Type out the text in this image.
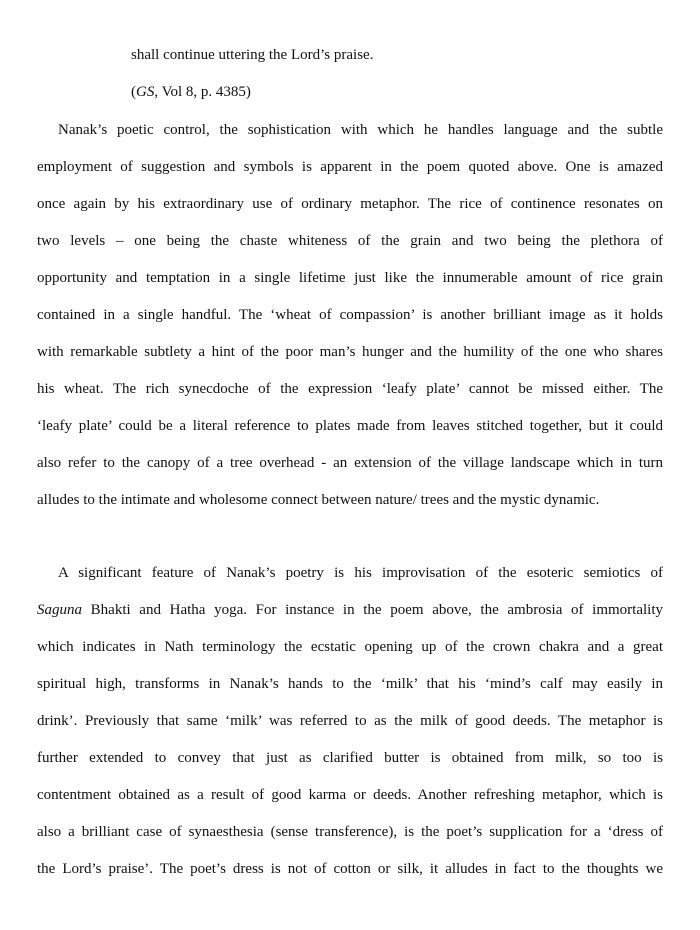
shall continue uttering the Lord’s praise.
(GS, Vol 8, p. 4385)
Nanak’s poetic control, the sophistication with which he handles language and the subtle
employment of suggestion and symbols is apparent in the poem quoted above. One is amazed
once again by his extraordinary use of ordinary metaphor. The rice of continence resonates on
two levels – one being the chaste whiteness of the grain and two being the plethora of
opportunity and temptation in a single lifetime just like the innumerable amount of rice grain
contained in a single handful. The ‘wheat of compassion’ is another brilliant image as it holds
with remarkable subtlety a hint of the poor man’s hunger and the humility of the one who shares
his wheat. The rich synecdoche of the expression ‘leafy plate’ cannot be missed either. The
‘leafy plate’ could be a literal reference to plates made from leaves stitched together, but it could
also refer to the canopy of a tree overhead - an extension of the village landscape which in turn
alludes to the intimate and wholesome connect between nature/ trees and the mystic dynamic.
A significant feature of Nanak’s poetry is his improvisation of the esoteric semiotics of
Saguna Bhakti and Hatha yoga. For instance in the poem above, the ambrosia of immortality
which indicates in Nath terminology the ecstatic opening up of the crown chakra and a great
spiritual high, transforms in Nanak’s hands to the ‘milk’ that his ‘mind’s calf may easily in
drink’. Previously that same ‘milk’ was referred to as the milk of good deeds. The metaphor is
further extended to convey that just as clarified butter is obtained from milk, so too is
contentment obtained as a result of good karma or deeds. Another refreshing metaphor, which is
also a brilliant case of synaesthesia (sense transference), is the poet’s supplication for a ‘dress of
the Lord’s praise’. The poet’s dress is not of cotton or silk, it alludes in fact to the thoughts we
